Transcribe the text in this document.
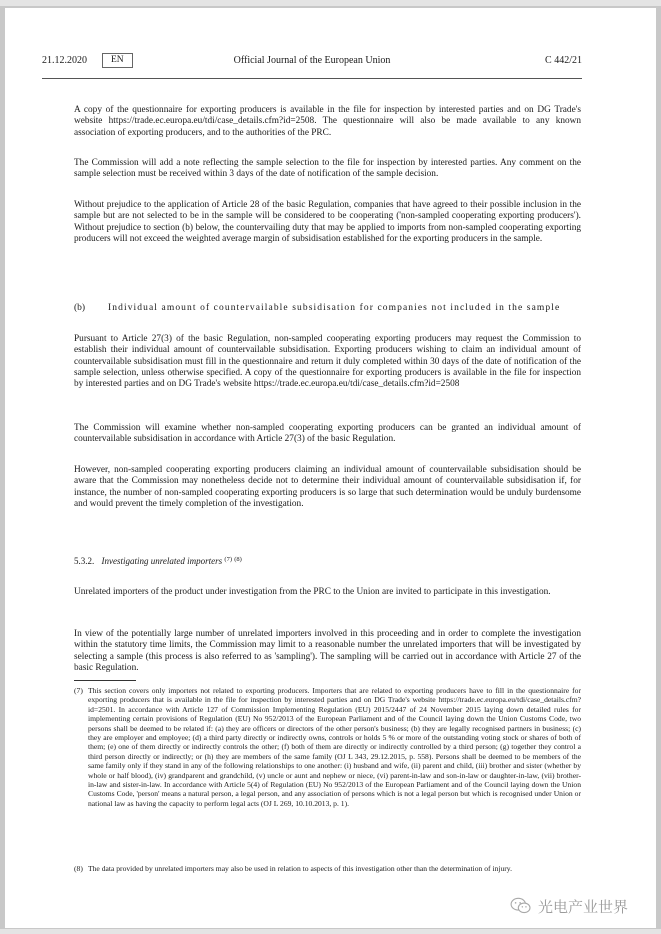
21.12.2020	EN	Official Journal of the European Union	C 442/21

A copy of the questionnaire for exporting producers is available in the file for inspection by interested parties and on DG Trade's website https://trade.ec.europa.eu/tdi/case_details.cfm?id=2508. The questionnaire will also be made available to any known association of exporting producers, and to the authorities of the PRC.

The Commission will add a note reflecting the sample selection to the file for inspection by interested parties. Any comment on the sample selection must be received within 3 days of the date of notification of the sample decision.

Without prejudice to the application of Article 28 of the basic Regulation, companies that have agreed to their possible inclusion in the sample but are not selected to be in the sample will be considered to be cooperating ('non-sampled cooperating exporting producers'). Without prejudice to section (b) below, the countervailing duty that may be applied to imports from non-sampled cooperating exporting producers will not exceed the weighted average margin of subsidisation established for the exporting producers in the sample.

(b) Individual amount of countervailable subsidisation for companies not included in the sample

Pursuant to Article 27(3) of the basic Regulation, non-sampled cooperating exporting producers may request the Commission to establish their individual amount of countervailable subsidisation. Exporting producers wishing to claim an individual amount of countervailable subsidisation must fill in the questionnaire and return it duly completed within 30 days of the date of notification of the sample selection, unless otherwise specified. A copy of the questionnaire for exporting producers is available in the file for inspection by interested parties and on DG Trade's website https://trade.ec.europa.eu/tdi/case_details.cfm?id=2508

The Commission will examine whether non-sampled cooperating exporting producers can be granted an individual amount of countervailable subsidisation in accordance with Article 27(3) of the basic Regulation.

However, non-sampled cooperating exporting producers claiming an individual amount of countervailable subsidisation should be aware that the Commission may nonetheless decide not to determine their individual amount of countervailable subsidisation if, for instance, the number of non-sampled cooperating exporting producers is so large that such determination would be unduly burdensome and would prevent the timely completion of the investigation.

5.3.2. Investigating unrelated importers $^{(7)}$ $^{(8)}$

Unrelated importers of the product under investigation from the PRC to the Union are invited to participate in this investigation.

In view of the potentially large number of unrelated importers involved in this proceeding and in order to complete the investigation within the statutory time limits, the Commission may limit to a reasonable number the unrelated importers that will be investigated by selecting a sample (this process is also referred to as 'sampling'). The sampling will be carried out in accordance with Article 27 of the basic Regulation.

(7) This section covers only importers not related to exporting producers. Importers that are related to exporting producers have to fill in the questionnaire for exporting producers that is available in the file for inspection by interested parties and on DG Trade's website https://trade.ec.europa.eu/tdi/case_details.cfm?id=2501. In accordance with Article 127 of Commission Implementing Regulation (EU) 2015/2447 of 24 November 2015 laying down detailed rules for implementing certain provisions of Regulation (EU) No 952/2013 of the European Parliament and of the Council laying down the Union Customs Code, two persons shall be deemed to be related if: (a) they are officers or directors of the other person's business; (b) they are legally recognised partners in business; (c) they are employer and employee; (d) a third party directly or indirectly owns, controls or holds 5 % or more of the outstanding voting stock or shares of both of them; (e) one of them directly or indirectly controls the other; (f) both of them are directly or indirectly controlled by a third person; (g) together they control a third person directly or indirectly; or (h) they are members of the same family (OJ L 343, 29.12.2015, p. 558). Persons shall be deemed to be members of the same family only if they stand in any of the following relationships to one another: (i) husband and wife, (ii) parent and child, (iii) brother and sister (whether by whole or half blood), (iv) grandparent and grandchild, (v) uncle or aunt and nephew or niece, (vi) parent-in-law and son-in-law or daughter-in-law, (vii) brother-in-law and sister-in-law. In accordance with Article 5(4) of Regulation (EU) No 952/2013 of the European Parliament and of the Council laying down the Union Customs Code, 'person' means a natural person, a legal person, and any association of persons which is not a legal person but which is recognised under Union or national law as having the capacity to perform legal acts (OJ L 269, 10.10.2013, p. 1).
(8) The data provided by unrelated importers may also be used in relation to aspects of this investigation other than the determination of injury.
光电产业世界
